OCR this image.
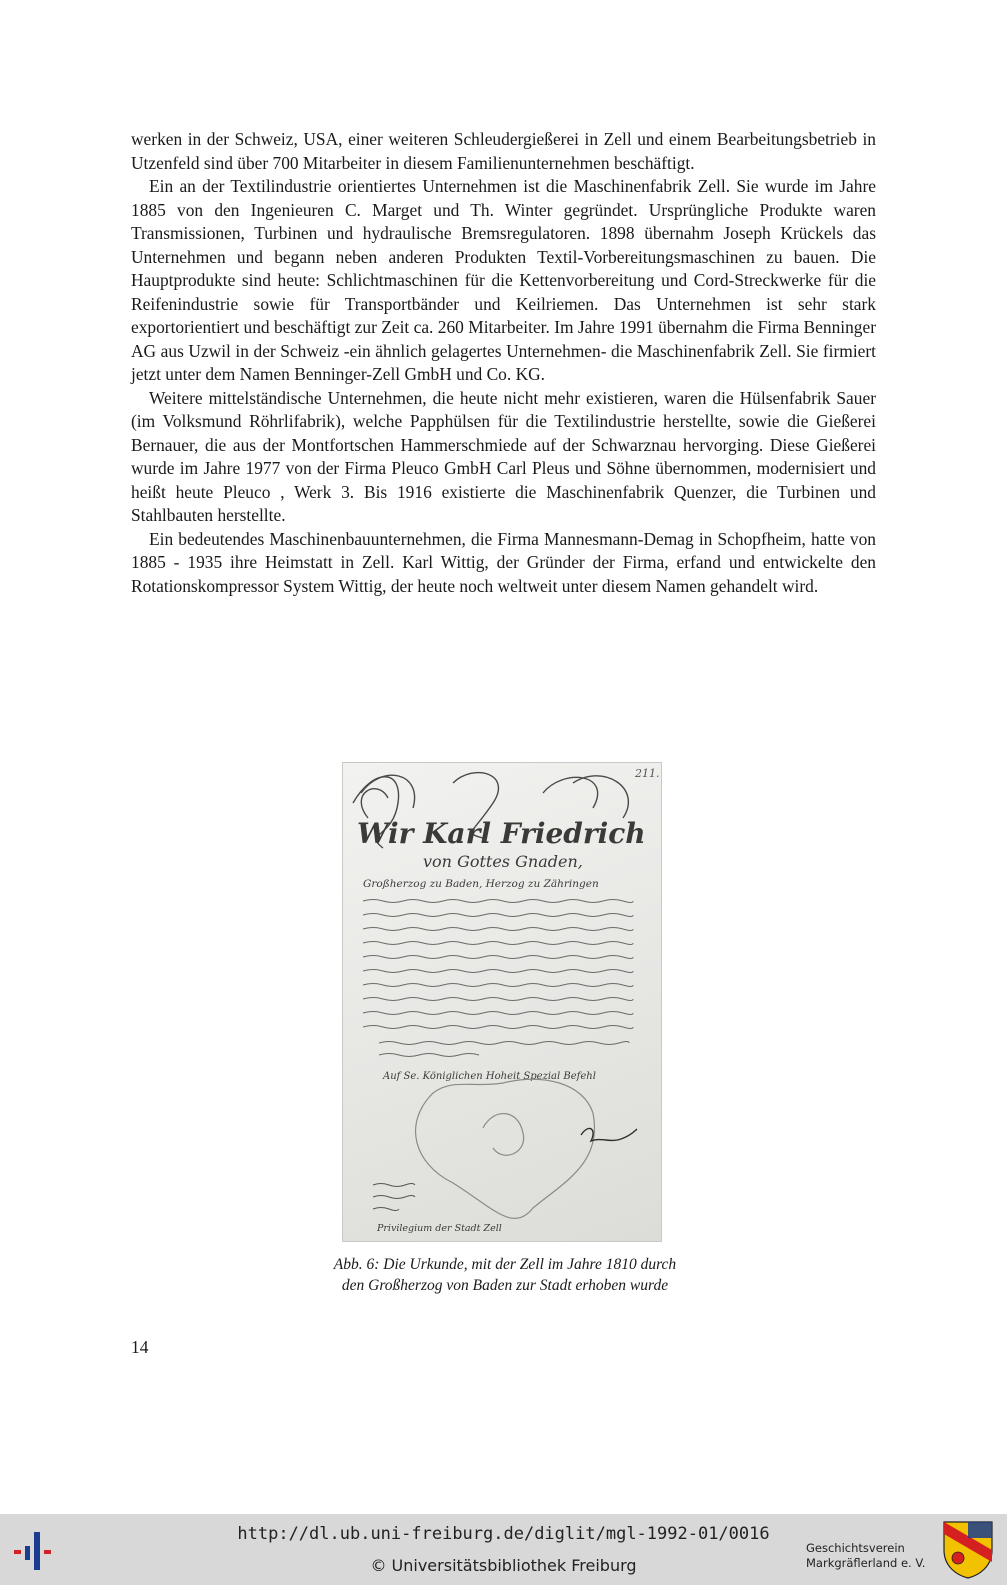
werken in der Schweiz, USA, einer weiteren Schleudergießerei in Zell und einem Bearbeitungsbetrieb in Utzenfeld sind über 700 Mitarbeiter in diesem Familienunternehmen beschäftigt.

Ein an der Textilindustrie orientiertes Unternehmen ist die Maschinenfabrik Zell. Sie wurde im Jahre 1885 von den Ingenieuren C. Marget und Th. Winter gegründet. Ursprüngliche Produkte waren Transmissionen, Turbinen und hydraulische Bremsregulatoren. 1898 übernahm Joseph Krückels das Unternehmen und begann neben anderen Produkten Textil-Vorbereitungsmaschinen zu bauen. Die Hauptprodukte sind heute: Schlichtmaschinen für die Kettenvorbereitung und Cord-Streckwerke für die Reifenindustrie sowie für Transportbänder und Keilriemen. Das Unternehmen ist sehr stark exportorientiert und beschäftigt zur Zeit ca. 260 Mitarbeiter. Im Jahre 1991 übernahm die Firma Benninger AG aus Uzwil in der Schweiz -ein ähnlich gelagertes Unternehmen- die Maschinenfabrik Zell. Sie firmiert jetzt unter dem Namen Benninger-Zell GmbH und Co. KG.

Weitere mittelständische Unternehmen, die heute nicht mehr existieren, waren die Hülsenfabrik Sauer (im Volksmund Röhrlifabrik), welche Papphülsen für die Textilindustrie herstellte, sowie die Gießerei Bernauer, die aus der Montfortschen Hammerschmiede auf der Schwarznau hervorging. Diese Gießerei wurde im Jahre 1977 von der Firma Pleuco GmbH Carl Pleus und Söhne übernommen, modernisiert und heißt heute Pleuco , Werk 3. Bis 1916 existierte die Maschinenfabrik Quenzer, die Turbinen und Stahlbauten herstellte.

Ein bedeutendes Maschinenbauunternehmen, die Firma Mannesmann-Demag in Schopfheim, hatte von 1885 - 1935 ihre Heimstatt in Zell. Karl Wittig, der Gründer der Firma, erfand und entwickelte den Rotationskompressor System Wittig, der heute noch weltweit unter diesem Namen gehandelt wird.

211.
Wir Karl Friedrich
von Gottes Gnaden,
Großherzog zu Baden, Herzog zu Zähringen
Auf Se. Königlichen Hoheit Spezial Befehl
Privilegium der Stadt Zell
Abb. 6: Die Urkunde, mit der Zell im Jahre 1810 durch
den Großherzog von Baden zur Stadt erhoben wurde
14
http://dl.ub.uni-freiburg.de/diglit/mgl-1992-01/0016
© Universitätsbibliothek Freiburg
Geschichtsverein
Markgräflerland e. V.
